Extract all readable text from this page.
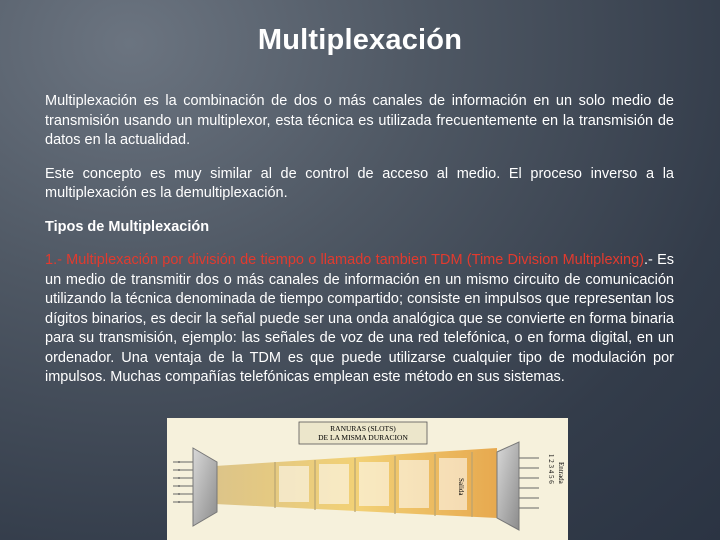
Multiplexación

Multiplexación es la combinación de dos o más canales de información en un solo medio de transmisión usando un multiplexor, esta técnica es utilizada frecuentemente en la transmisión de datos en la actualidad.

Este concepto es muy similar al de control de acceso al medio. El proceso inverso a la multiplexación es la demultiplexación.

Tipos de Multiplexación

1.- Multiplexación por división de tiempo o llamado tambien TDM (Time Division Multiplexing).- Es un medio de transmitir dos o más canales de información en un mismo circuito de comunicación utilizando la técnica denominada de tiempo compartido; consiste en impulsos que representan los dígitos binarios, es decir la señal puede ser una onda analógica que se convierte en forma binaria para su transmisión, ejemplo: las señales de voz de una red telefónica, o en forma digital, en un ordenador. Una ventaja de la TDM es que puede utilizarse cualquier tipo de modulación por impulsos. Muchas compañías telefónicas emplean este método en sus sistemas.

RANURAS (SLOTS)
DE LA MISMA DURACION
Entrada
1 2 3 4 5 6
Salida
